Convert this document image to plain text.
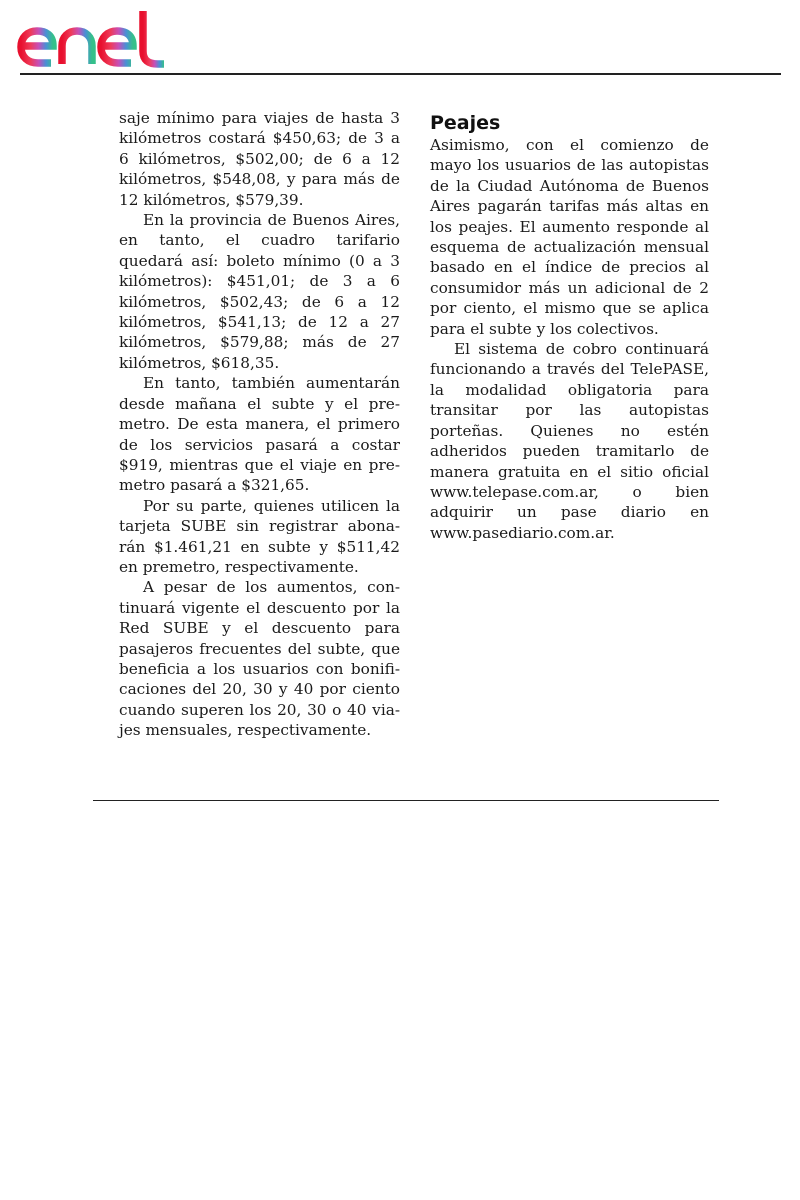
saje mínimo para viajes de hasta 3 kilómetros costará $450,63; de 3 a 6 kilómetros, $502,00; de 6 a 12 kilómetros, $548,08, y para más de 12 kilómetros, $579,39.

En la provincia de Buenos Aires, en tanto, el cuadro tarifario quedará así: boleto mínimo (0 a 3 kilómetros): $451,01; de 3 a 6 kilómetros, $502,43; de 6 a 12 kilómetros, $541,13; de 12 a 27 kilómetros, $579,88; más de 27 kilómetros, $618,35.

En tanto, también aumentarán desde mañana el subte y el premetro. De esta manera, el primero de los servicios pasará a costar $919, mientras que el viaje en premetro pasará a $321,65.

Por su parte, quienes utilicen la tarjeta SUBE sin registrar abonarán $1.461,21 en subte y $511,42 en premetro, respectivamente.

A pesar de los aumentos, continuará vigente el descuento por la Red SUBE y el descuento para pasajeros frecuentes del subte, que beneficia a los usuarios con bonificaciones del 20, 30 y 40 por ciento cuando superen los 20, 30 o 40 viajes mensuales, respectivamente.

Peajes

Asimismo, con el comienzo de mayo los usuarios de las autopistas de la Ciudad Autónoma de Buenos Aires pagarán tarifas más altas en los peajes. El aumento responde al esquema de actualización mensual basado en el índice de precios al consumidor más un adicional de 2 por ciento, el mismo que se aplica para el subte y los colectivos.

El sistema de cobro continuará funcionando a través del TelePASE, la modalidad obligatoria para transitar por las autopistas porteñas. Quienes no estén adheridos pueden tramitarlo de manera gratuita en el sitio oficial www.telepase.com.ar, o bien adquirir un pase diario en www.pasediario.com.ar.
